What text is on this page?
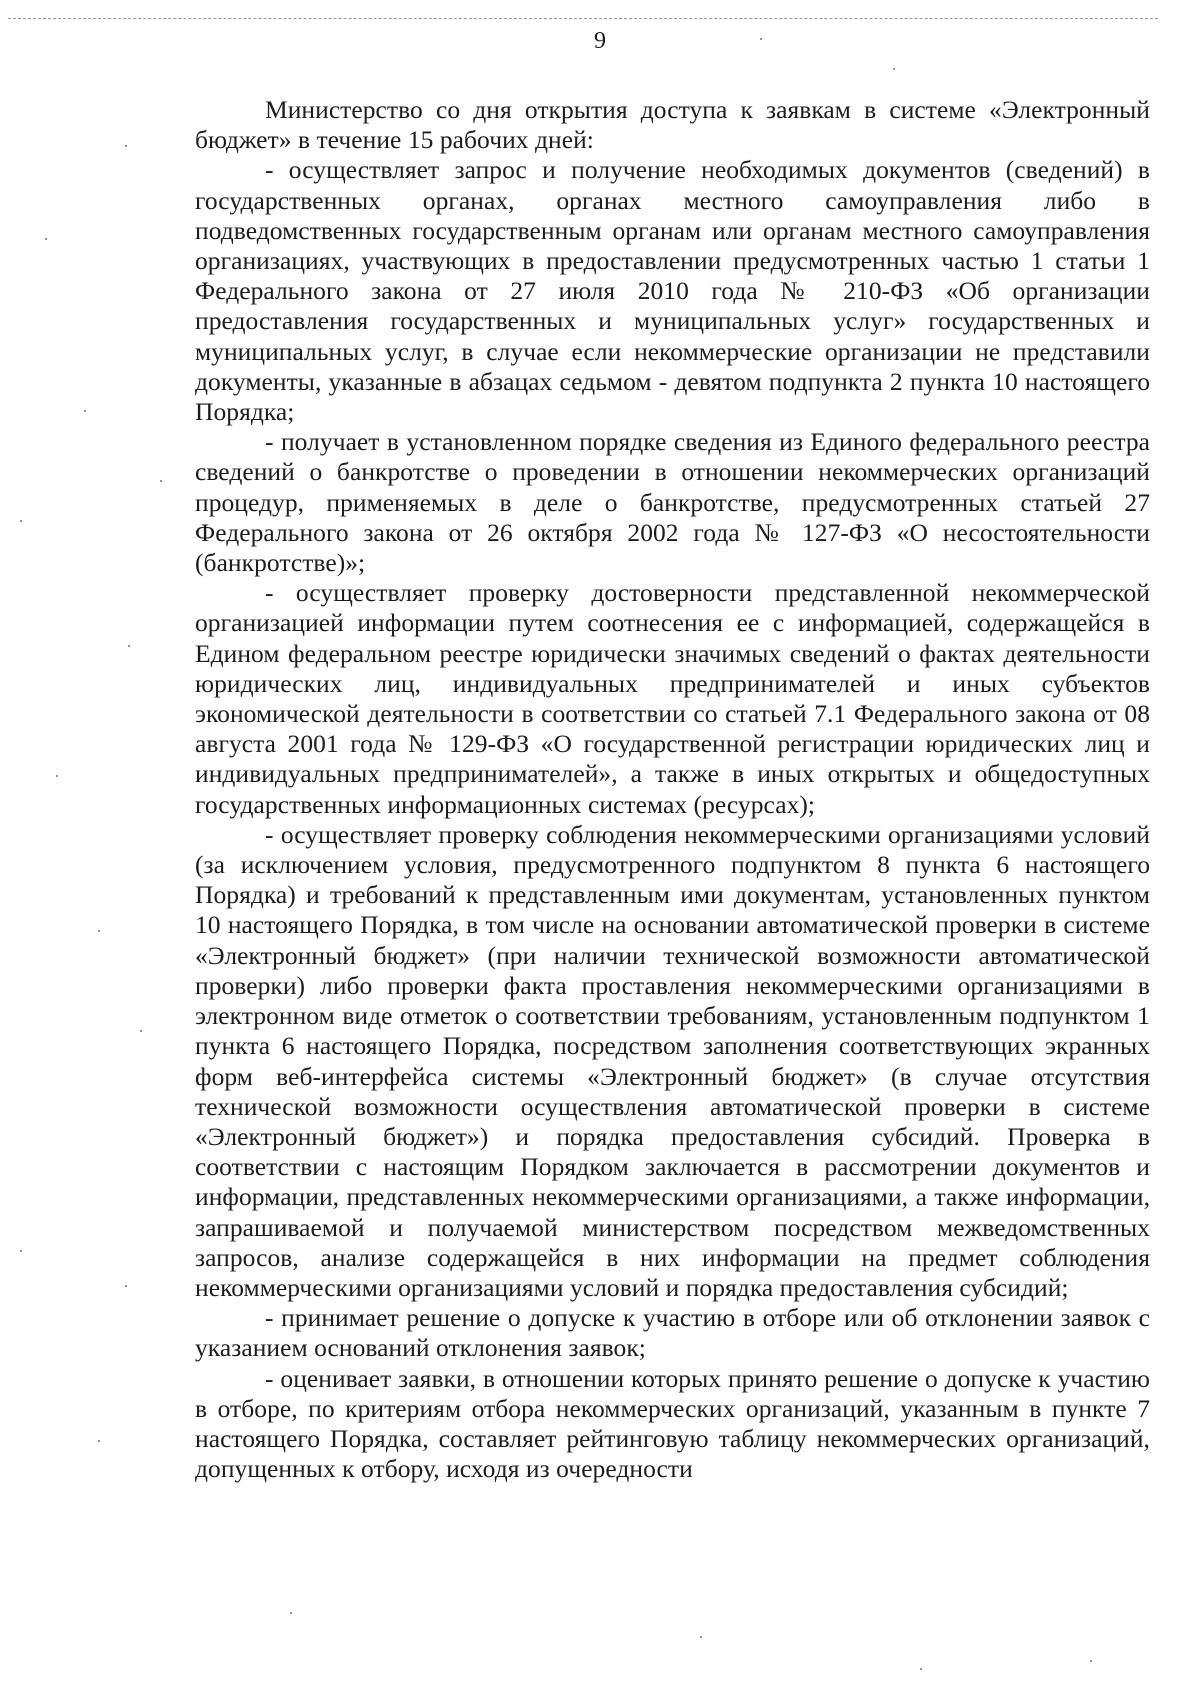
9

Министерство со дня открытия доступа к заявкам в системе «Электронный бюджет» в течение 15 рабочих дней:

- осуществляет запрос и получение необходимых документов (сведений) в государственных органах, органах местного самоуправления либо в подведомственных государственным органам или органам местного самоуправления организациях, участвующих в предоставлении предусмотренных частью 1 статьи 1 Федерального закона от 27 июля 2010 года № 210-ФЗ «Об организации предоставления государственных и муниципальных услуг» государственных и муниципальных услуг, в случае если некоммерческие организации не представили документы, указанные в абзацах седьмом - девятом подпункта 2 пункта 10 настоящего Порядка;

- получает в установленном порядке сведения из Единого федерального реестра сведений о банкротстве о проведении в отношении некоммерческих организаций процедур, применяемых в деле о банкротстве, предусмотренных статьей 27 Федерального закона от 26 октября 2002 года № 127-ФЗ «О несостоятельности (банкротстве)»;

- осуществляет проверку достоверности представленной некоммерческой организацией информации путем соотнесения ее с информацией, содержащейся в Едином федеральном реестре юридически значимых сведений о фактах деятельности юридических лиц, индивидуальных предпринимателей и иных субъектов экономической деятельности в соответствии со статьей 7.1 Федерального закона от 08 августа 2001 года № 129-ФЗ «О государственной регистрации юридических лиц и индивидуальных предпринимателей», а также в иных открытых и общедоступных государственных информационных системах (ресурсах);

- осуществляет проверку соблюдения некоммерческими организациями условий (за исключением условия, предусмотренного подпунктом 8 пункта 6 настоящего Порядка) и требований к представленным ими документам, установленных пунктом 10 настоящего Порядка, в том числе на основании автоматической проверки в системе «Электронный бюджет» (при наличии технической возможности автоматической проверки) либо проверки факта проставления некоммерческими организациями в электронном виде отметок о соответствии требованиям, установленным подпунктом 1 пункта 6 настоящего Порядка, посредством заполнения соответствующих экранных форм веб-интерфейса системы «Электронный бюджет» (в случае отсутствия технической возможности осуществления автоматической проверки в системе «Электронный бюджет») и порядка предоставления субсидий. Проверка в соответствии с настоящим Порядком заключается в рассмотрении документов и информации, представленных некоммерческими организациями, а также информации, запрашиваемой и получаемой министерством посредством межведомственных запросов, анализе содержащейся в них информации на предмет соблюдения некоммерческими организациями условий и порядка предоставления субсидий;

- принимает решение о допуске к участию в отборе или об отклонении заявок с указанием оснований отклонения заявок;

- оценивает заявки, в отношении которых принято решение о допуске к участию в отборе, по критериям отбора некоммерческих организаций, указанным в пункте 7 настоящего Порядка, составляет рейтинговую таблицу некоммерческих организаций, допущенных к отбору, исходя из очередности
